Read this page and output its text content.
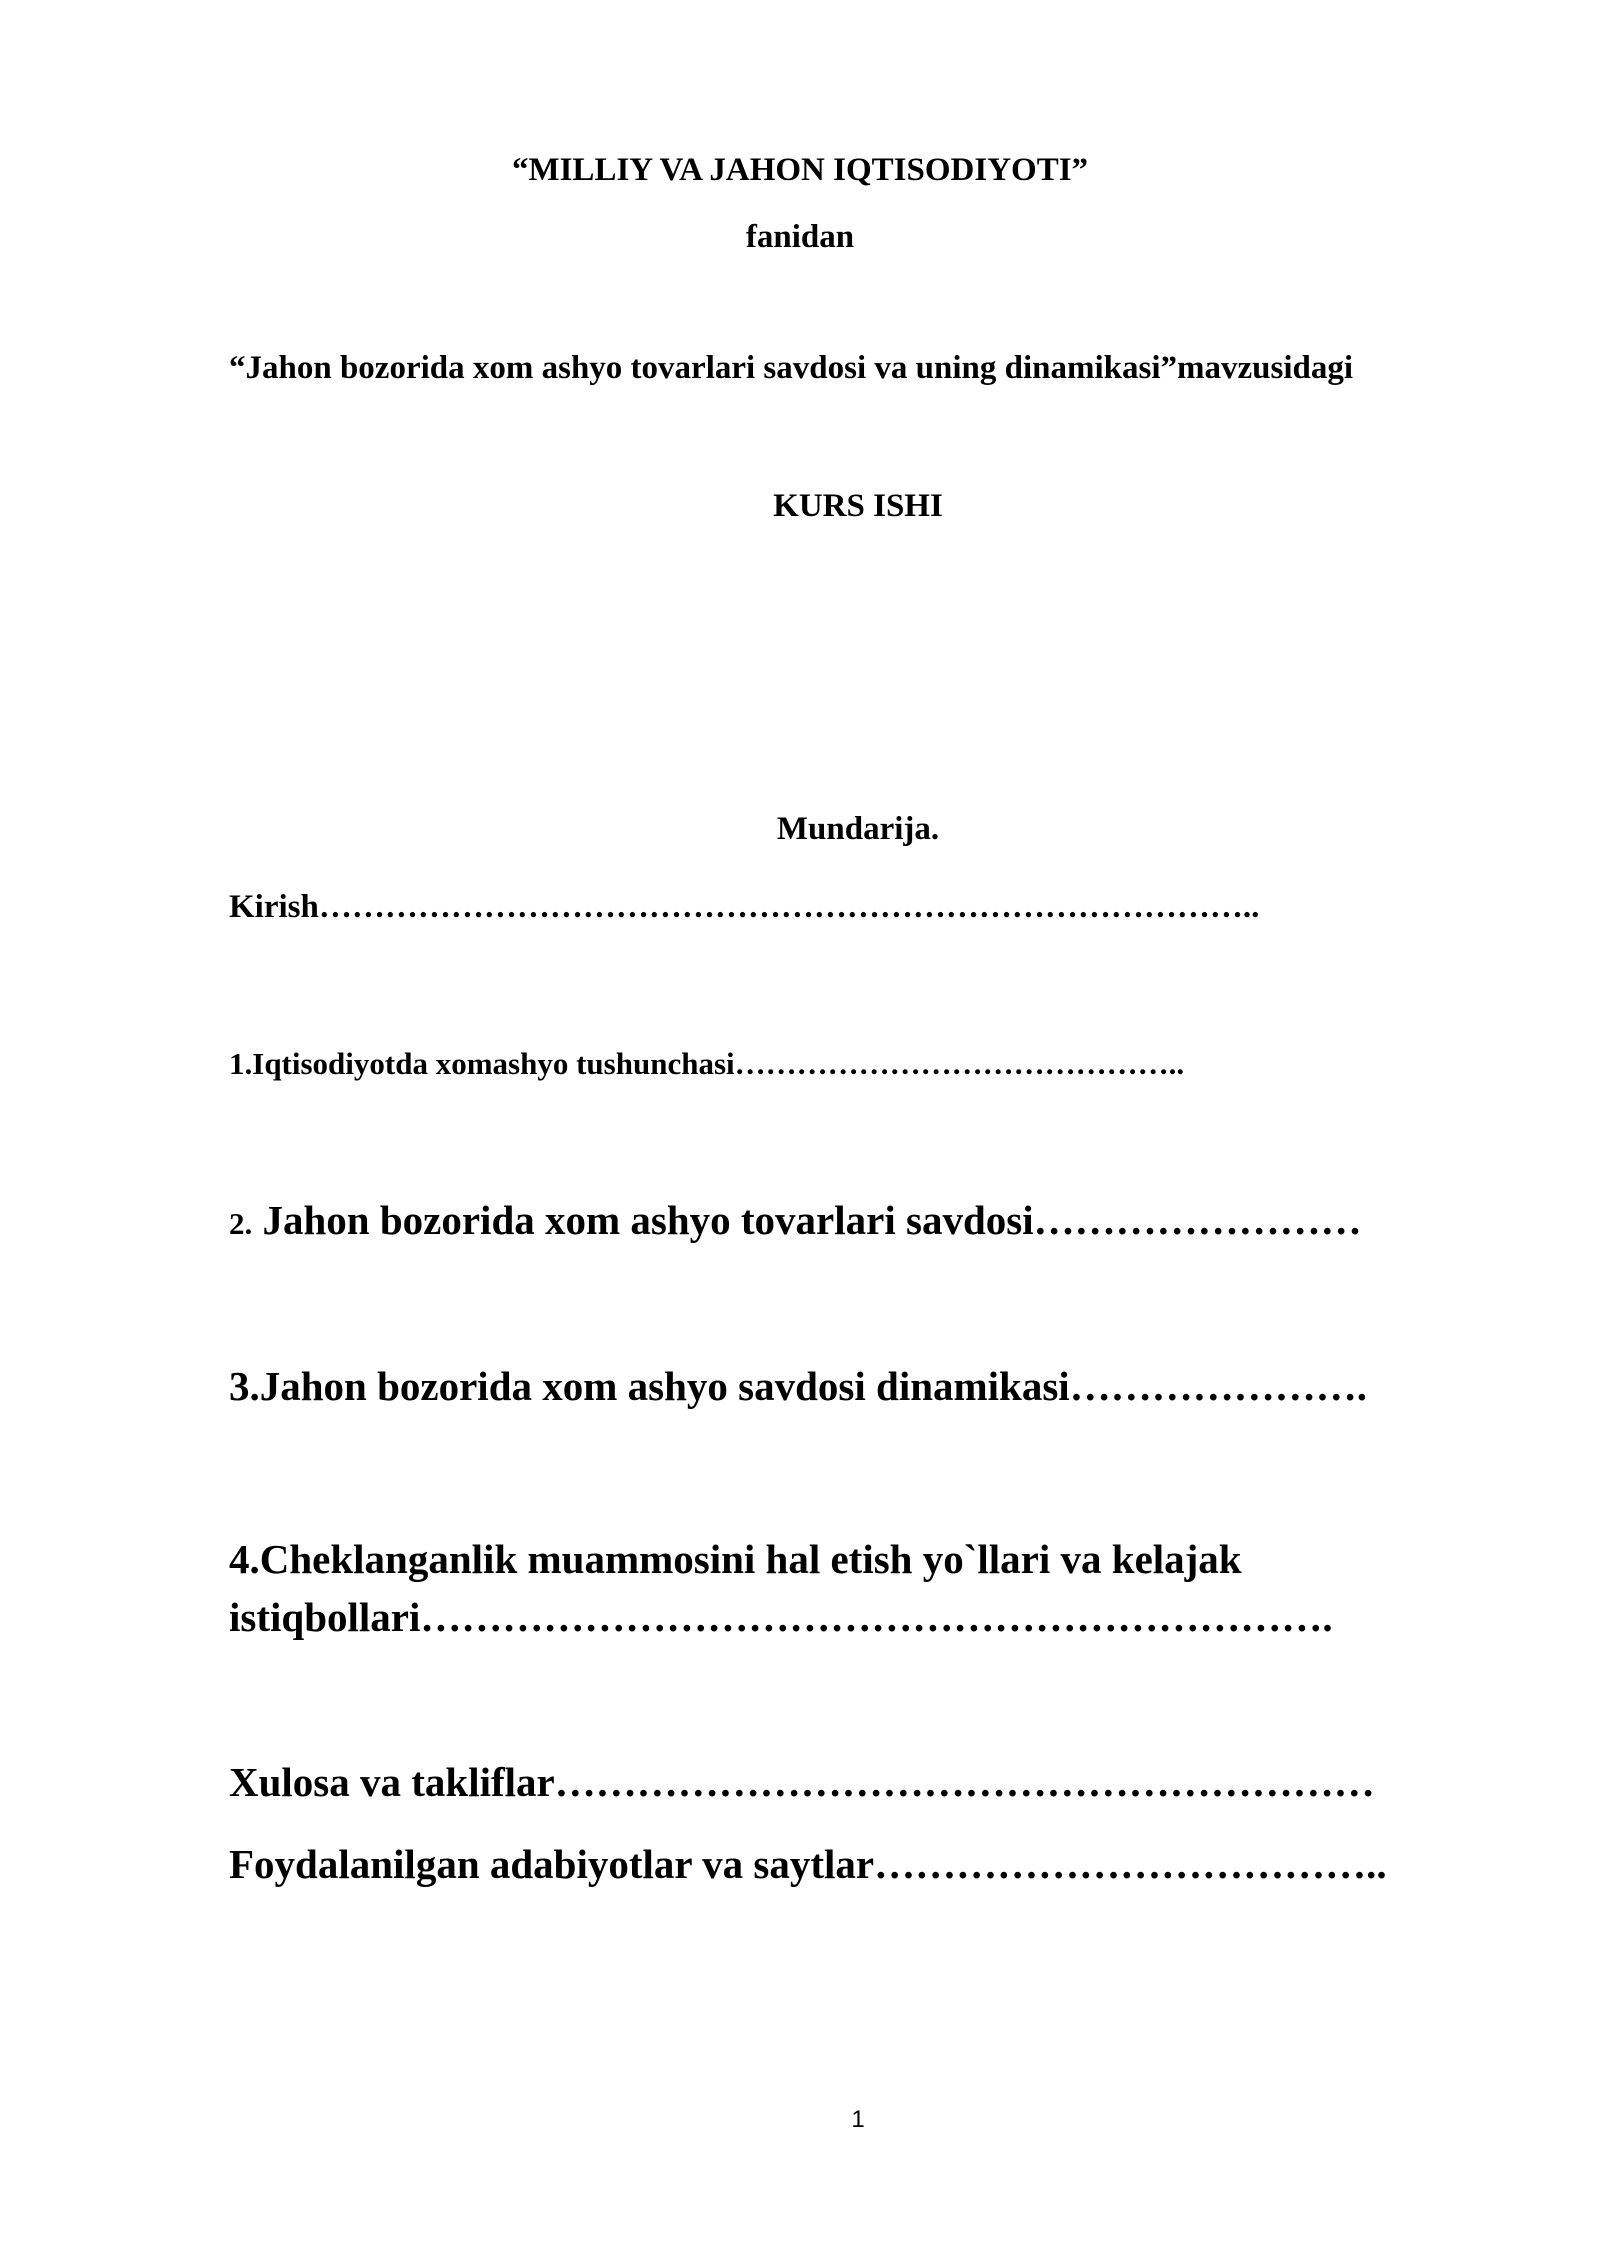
“MILLIY VA JAHON IQTISODIYOTI”

fanidan

“Jahon bozorida xom ashyo tovarlari savdosi va uning dinamikasi”mavzusidagi

KURS ISHI

Mundarija.

Kirish…………………………………………………………………………..

1.Iqtisodiyotda xomashyo tushunchasi……………………………………..

2. Jahon bozorida xom ashyo tovarlari savdosi……………………

3.Jahon bozorida xom ashyo savdosi dinamikasi………………….

4.Cheklanganlik muammosini hal etish yo`llari va kelajak
istiqbollari………………………………………………………….

Xulosa va takliflar……………………………………………………

Foydalanilgan adabiyotlar va saytlar………………………………..

1
